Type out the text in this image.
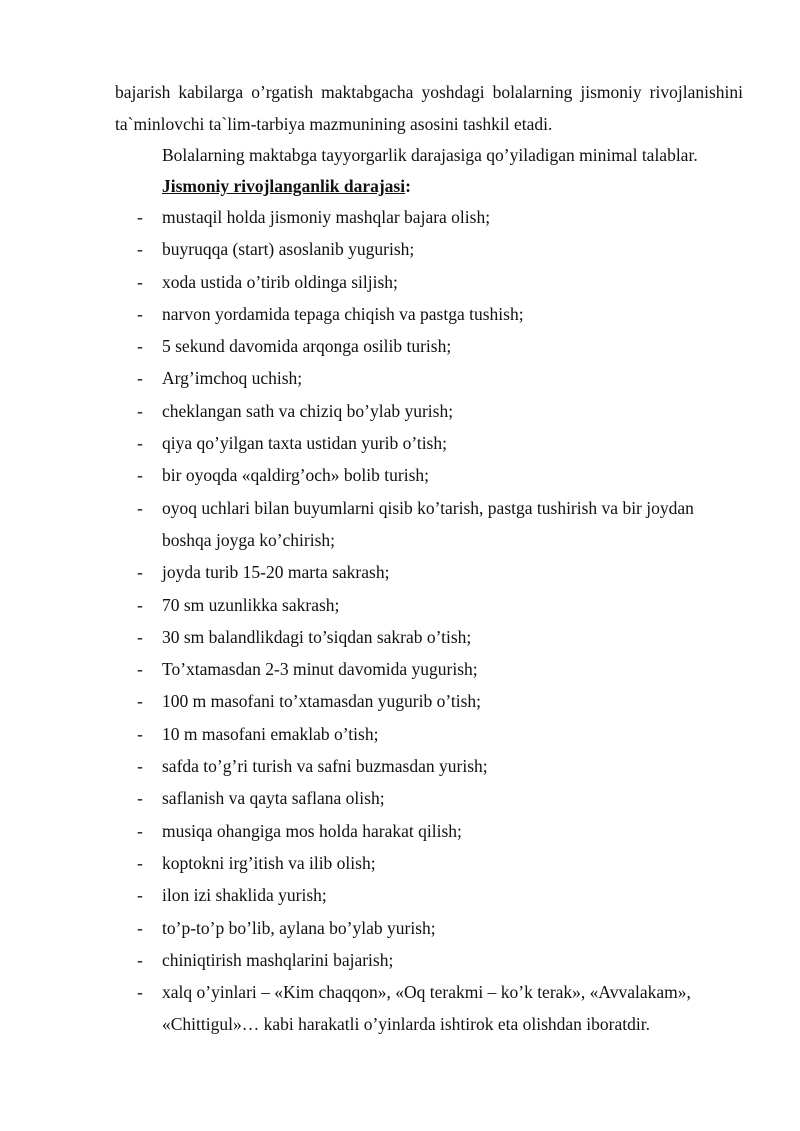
bajarish kabilarga o’rgatish maktabgacha yoshdagi bolalarning jismoniy rivojlanishini ta`minlovchi ta`lim-tarbiya mazmunining asosini tashkil etadi.

Bolalarning maktabga tayyorgarlik darajasiga qo’yiladigan minimal talablar.

Jismoniy rivojlanganlik darajasi:

- mustaqil holda jismoniy mashqlar bajara olish;
- buyruqqa (start) asoslanib yugurish;
- xoda ustida o’tirib oldinga siljish;
- narvon yordamida tepaga chiqish va pastga tushish;
- 5 sekund davomida arqonga osilib turish;
- Arg’imchoq uchish;
- cheklangan sath va chiziq bo’ylab yurish;
- qiya qo’yilgan taxta ustidan yurib o’tish;
- bir oyoqda «qaldirg’och» bolib turish;
- oyoq uchlari bilan buyumlarni qisib ko’tarish, pastga tushirish va bir joydan boshqa joyga ko’chirish;
- joyda turib 15-20 marta sakrash;
- 70 sm uzunlikka sakrash;
- 30 sm balandlikdagi to’siqdan sakrab o’tish;
- To’xtamasdan 2-3 minut davomida yugurish;
- 100 m masofani to’xtamasdan yugurib o’tish;
- 10 m masofani emaklab o’tish;
- safda to’g’ri turish va safni buzmasdan yurish;
- saflanish va qayta saflana olish;
- musiqa ohangiga mos holda harakat qilish;
- koptokni irg’itish va ilib olish;
- ilon izi shaklida yurish;
- to’p-to’p bo’lib, aylana bo’ylab yurish;
- chiniqtirish mashqlarini bajarish;
- xalq o’yinlari – «Kim chaqqon», «Oq terakmi – ko’k terak», «Avvalakam», «Chittigul»… kabi harakatli o’yinlarda ishtirok eta olishdan iboratdir.
